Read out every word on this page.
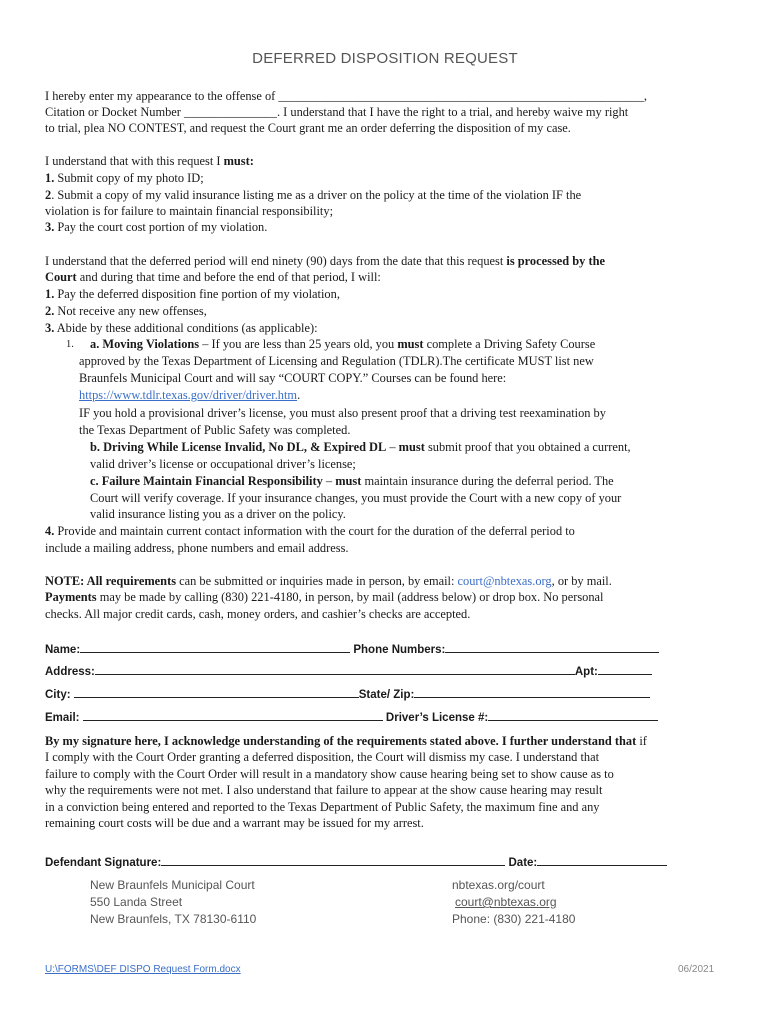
DEFERRED DISPOSITION REQUEST
I hereby enter my appearance to the offense of ___________________________________________________________,
Citation or Docket Number _______________. I understand that I have the right to a trial, and hereby waive my right
to trial, plea NO CONTEST, and request the Court grant me an order deferring the disposition of my case.
I understand that with this request I must:
1. Submit copy of my photo ID;
2. Submit a copy of my valid insurance listing me as a driver on the policy at the time of the violation IF the
violation is for failure to maintain financial responsibility;
3. Pay the court cost portion of my violation.
I understand that the deferred period will end ninety (90) days from the date that this request is processed by the
Court and during that time and before the end of that period, I will:
1. Pay the deferred disposition fine portion of my violation,
2. Not receive any new offenses,
3. Abide by these additional conditions (as applicable):
1. a. Moving Violations – If you are less than 25 years old, you must complete a Driving Safety Course
approved by the Texas Department of Licensing and Regulation (TDLR).The certificate MUST list new
Braunfels Municipal Court and will say “COURT COPY.” Courses can be found here:
https://www.tdlr.texas.gov/driver/driver.htm.
IF you hold a provisional driver’s license, you must also present proof that a driving test reexamination by
the Texas Department of Public Safety was completed.
b. Driving While License Invalid, No DL, & Expired DL – must submit proof that you obtained a current,
valid driver’s license or occupational driver’s license;
c. Failure Maintain Financial Responsibility – must maintain insurance during the deferral period. The
Court will verify coverage. If your insurance changes, you must provide the Court with a new copy of your
valid insurance listing you as a driver on the policy.
4. Provide and maintain current contact information with the court for the duration of the deferral period to
include a mailing address, phone numbers and email address.
NOTE: All requirements can be submitted or inquiries made in person, by email: court@nbtexas.org, or by mail.
Payments may be made by calling (830) 221-4180, in person, by mail (address below) or drop box. No personal
checks. All major credit cards, cash, money orders, and cashier’s checks are accepted.
Name:	Phone Numbers:
Address:	Apt:
City:	State/ Zip:
Email:	Driver’s License #:
By my signature here, I acknowledge understanding of the requirements stated above. I further understand that if
I comply with the Court Order granting a deferred disposition, the Court will dismiss my case. I understand that
failure to comply with the Court Order will result in a mandatory show cause hearing being set to show cause as to
why the requirements were not met. I also understand that failure to appear at the show cause hearing may result
in a conviction being entered and reported to the Texas Department of Public Safety, the maximum fine and any
remaining court costs will be due and a warrant may be issued for my arrest.
Defendant Signature:	Date:
New Braunfels Municipal Court
550 Landa Street
New Braunfels, TX 78130-6110
nbtexas.org/court
court@nbtexas.org
Phone: (830) 221-4180
U:\FORMS\DEF DISPO Request Form.docx	06/2021
